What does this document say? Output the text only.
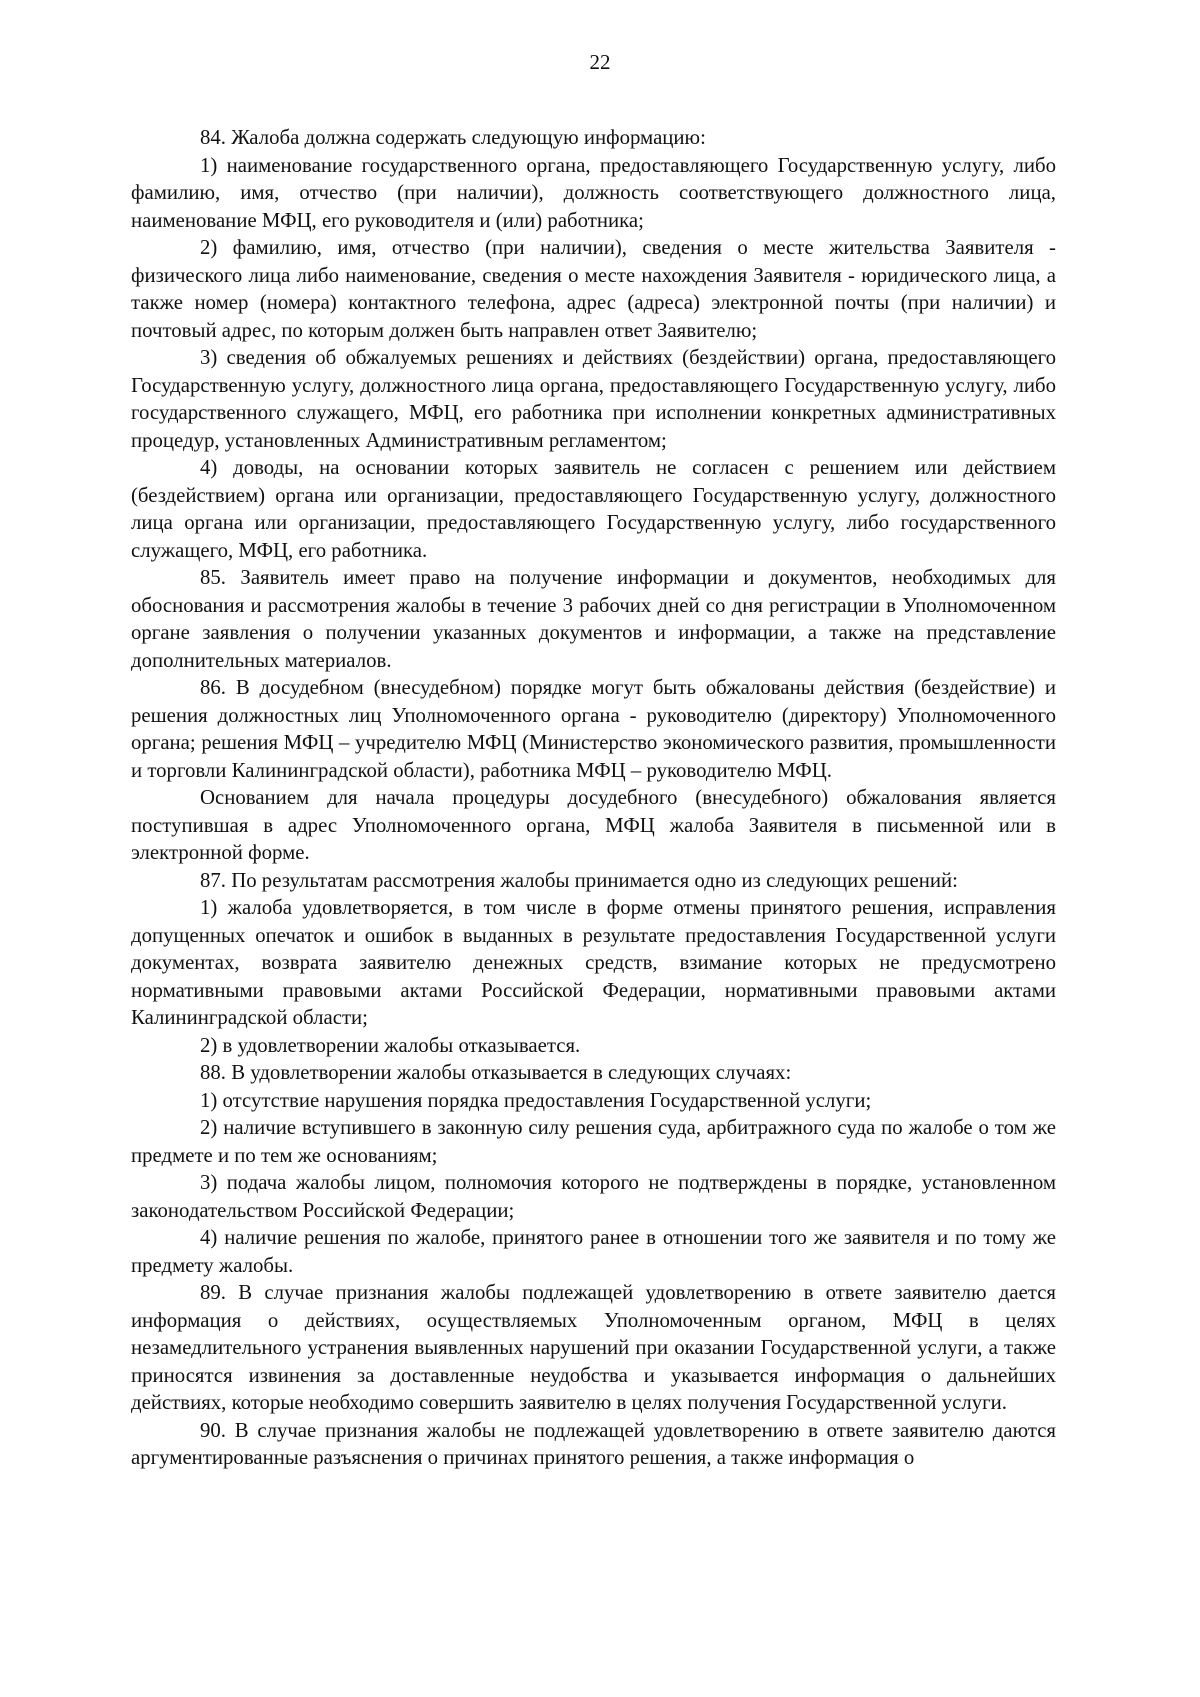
22

84. Жалоба должна содержать следующую информацию:

1) наименование государственного органа, предоставляющего Государственную услугу, либо фамилию, имя, отчество (при наличии), должность соответствующего должностного лица, наименование МФЦ, его руководителя и (или) работника;

2) фамилию, имя, отчество (при наличии), сведения о месте жительства Заявителя - физического лица либо наименование, сведения о месте нахождения Заявителя - юридического лица, а также номер (номера) контактного телефона, адрес (адреса) электронной почты (при наличии) и почтовый адрес, по которым должен быть направлен ответ Заявителю;

3) сведения об обжалуемых решениях и действиях (бездействии) органа, предоставляющего Государственную услугу, должностного лица органа, предоставляющего Государственную услугу, либо государственного служащего, МФЦ, его работника при исполнении конкретных административных процедур, установленных Административным регламентом;

4) доводы, на основании которых заявитель не согласен с решением или действием (бездействием) органа или организации, предоставляющего Государственную услугу, должностного лица органа или организации, предоставляющего Государственную услугу, либо государственного служащего, МФЦ, его работника.

85. Заявитель имеет право на получение информации и документов, необходимых для обоснования и рассмотрения жалобы в течение 3 рабочих дней со дня регистрации в Уполномоченном органе заявления о получении указанных документов и информации, а также на представление дополнительных материалов.

86. В досудебном (внесудебном) порядке могут быть обжалованы действия (бездействие) и решения должностных лиц Уполномоченного органа - руководителю (директору) Уполномоченного органа; решения МФЦ – учредителю МФЦ (Министерство экономического развития, промышленности и торговли Калининградской области), работника МФЦ – руководителю МФЦ.

Основанием для начала процедуры досудебного (внесудебного) обжалования является поступившая в адрес Уполномоченного органа, МФЦ жалоба Заявителя в письменной или в электронной форме.

87. По результатам рассмотрения жалобы принимается одно из следующих решений:

1) жалоба удовлетворяется, в том числе в форме отмены принятого решения, исправления допущенных опечаток и ошибок в выданных в результате предоставления Государственной услуги документах, возврата заявителю денежных средств, взимание которых не предусмотрено нормативными правовыми актами Российской Федерации, нормативными правовыми актами Калининградской области;

2) в удовлетворении жалобы отказывается.

88. В удовлетворении жалобы отказывается в следующих случаях:

1) отсутствие нарушения порядка предоставления Государственной услуги;

2) наличие вступившего в законную силу решения суда, арбитражного суда по жалобе о том же предмете и по тем же основаниям;

3) подача жалобы лицом, полномочия которого не подтверждены в порядке, установленном законодательством Российской Федерации;

4) наличие решения по жалобе, принятого ранее в отношении того же заявителя и по тому же предмету жалобы.

89. В случае признания жалобы подлежащей удовлетворению в ответе заявителю дается информация о действиях, осуществляемых Уполномоченным органом, МФЦ в целях незамедлительного устранения выявленных нарушений при оказании Государственной услуги, а также приносятся извинения за доставленные неудобства и указывается информация о дальнейших действиях, которые необходимо совершить заявителю в целях получения Государственной услуги.

90. В случае признания жалобы не подлежащей удовлетворению в ответе заявителю даются аргументированные разъяснения о причинах принятого решения, а также информация о
